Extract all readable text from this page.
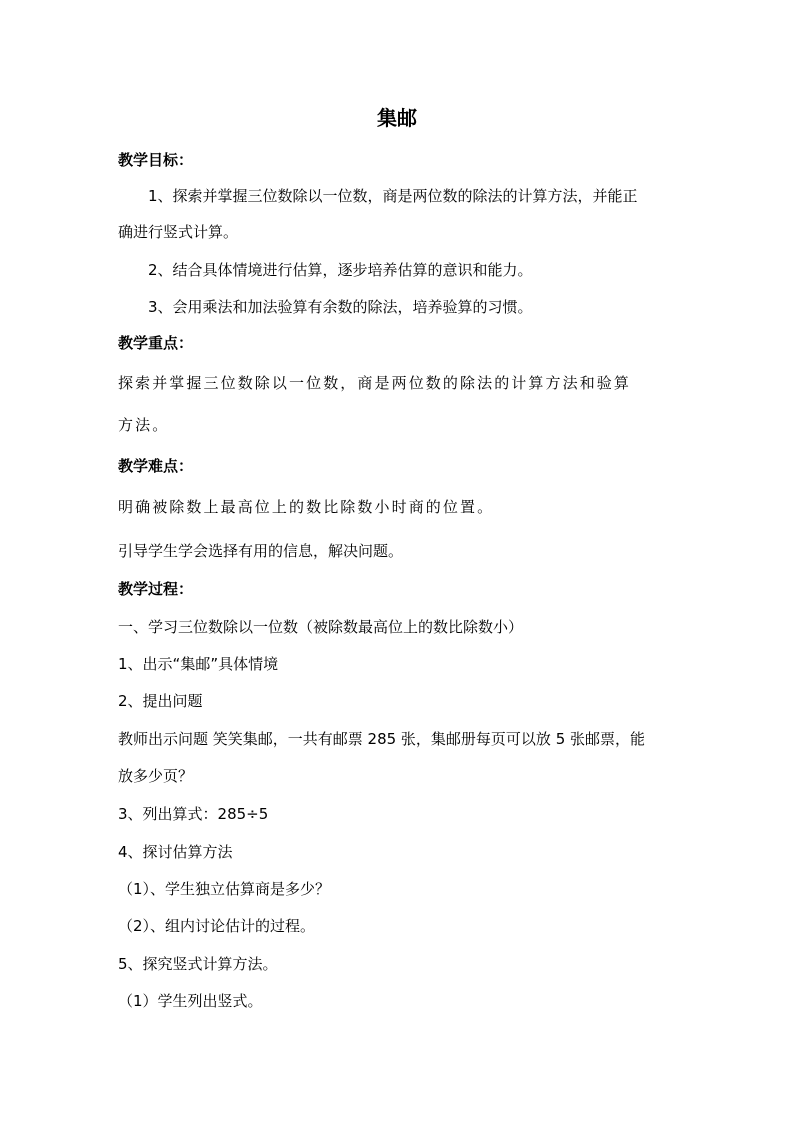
集邮
教学目标：
1、探索并掌握三位数除以一位数，商是两位数的除法的计算方法，并能正
确进行竖式计算。
2、结合具体情境进行估算，逐步培养估算的意识和能力。
3、会用乘法和加法验算有余数的除法，培养验算的习惯。
教学重点：
探索并掌握三位数除以一位数，商是两位数的除法的计算方法和验算
方法。
教学难点：
明确被除数上最高位上的数比除数小时商的位置。
引导学生学会选择有用的信息，解决问题。
教学过程：
一、学习三位数除以一位数（被除数最高位上的数比除数小）
1、出示“集邮”具体情境
2、提出问题
教师出示问题 笑笑集邮，一共有邮票 285 张，集邮册每页可以放 5 张邮票，能
放多少页？
3、列出算式：285÷5
4、探讨估算方法
（1）、学生独立估算商是多少？
（2）、组内讨论估计的过程。
5、探究竖式计算方法。
（1）学生列出竖式。
